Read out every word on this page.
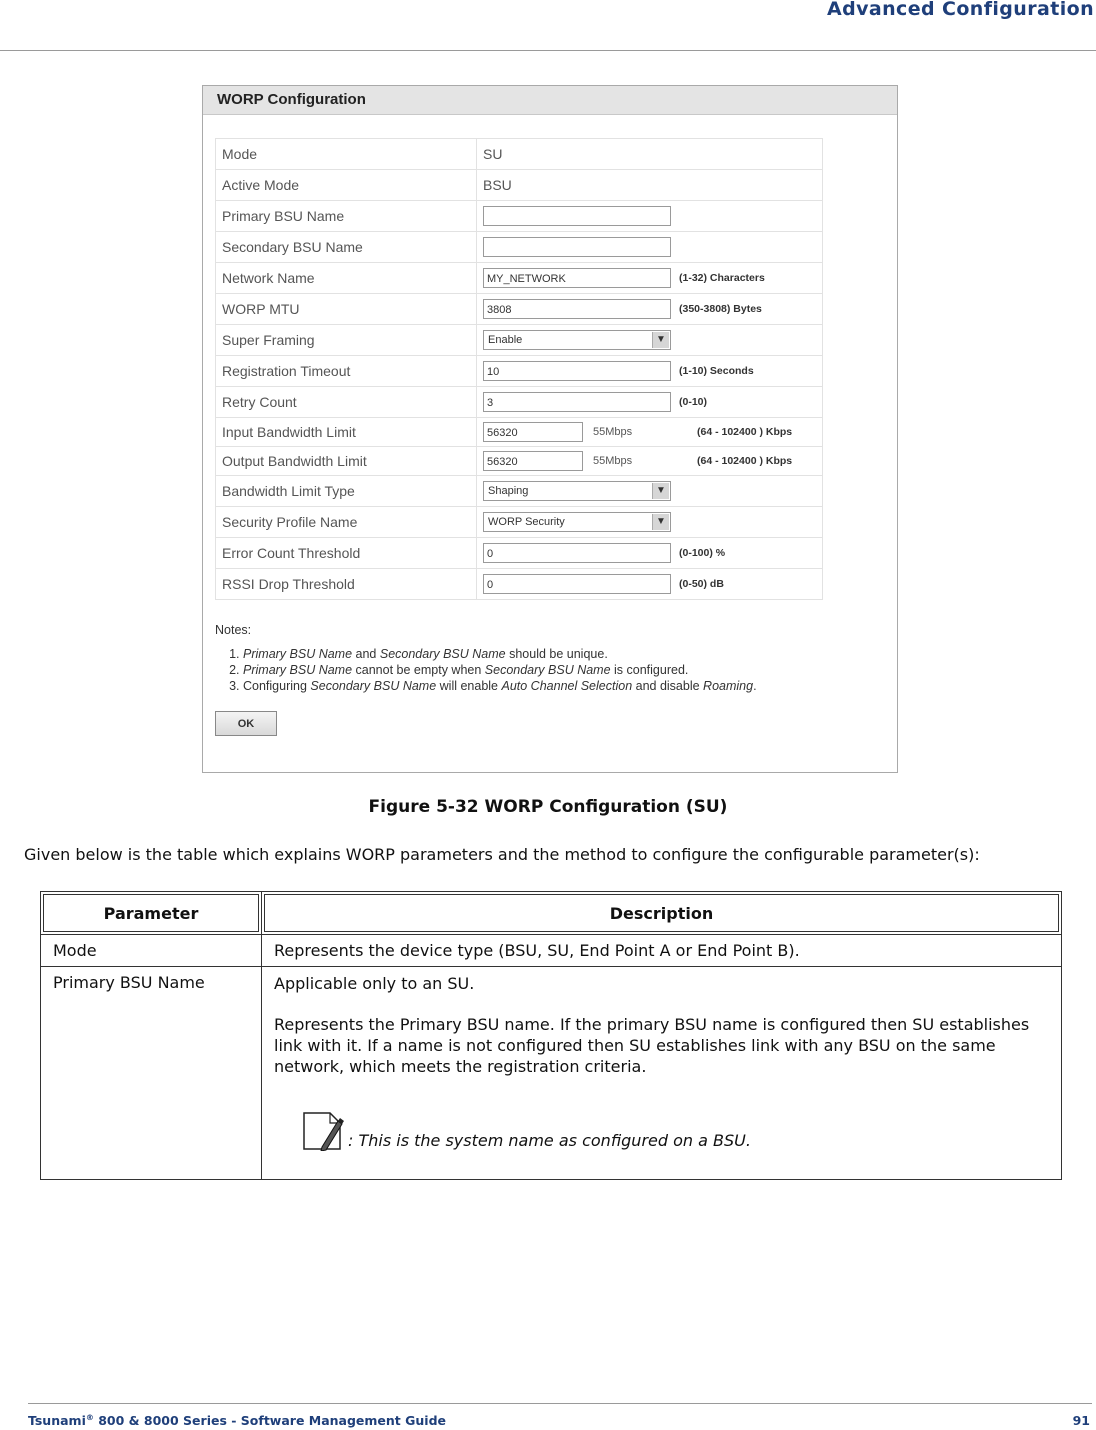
Advanced Configuration
WORP Configuration
Mode	SU
Active Mode	BSU
Primary BSU Name	
Secondary BSU Name	
Network Name	MY_NETWORK (1-32) Characters
WORP MTU	3808 (350-3808) Bytes
Super Framing	Enable ▼

Registration Timeout	10 (1-10) Seconds
Retry Count	3 (0-10)
Input Bandwidth Limit	56320 55Mbps (64 - 102400 ) Kbps
Output Bandwidth Limit	56320 55Mbps (64 - 102400 ) Kbps
Bandwidth Limit Type	Shaping ▼

Security Profile Name	WORP Security ▼

Error Count Threshold	0 (0-100) %
RSSI Drop Threshold	0 (0-50) dB
Notes:
1. Primary BSU Name and Secondary BSU Name should be unique.
2. Primary BSU Name cannot be empty when Secondary BSU Name is configured.
3. Configuring Secondary BSU Name will enable Auto Channel Selection and disable Roaming.
OK
Figure 5-32 WORP Configuration (SU)
Given below is the table which explains WORP parameters and the method to configure the configurable parameter(s):
Parameter	Description
Mode	Represents the device type (BSU, SU, End Point A or End Point B).
Primary BSU Name	Applicable only to an SU.

Represents the Primary BSU name. If the primary BSU name is configured then SU establishes link with it. If a name is not configured then SU establishes link with any BSU on the same network, which meets the registration criteria.

: This is the system name as configured on a BSU.
Tsunami® 800 & 8000 Series - Software Management Guide	91
